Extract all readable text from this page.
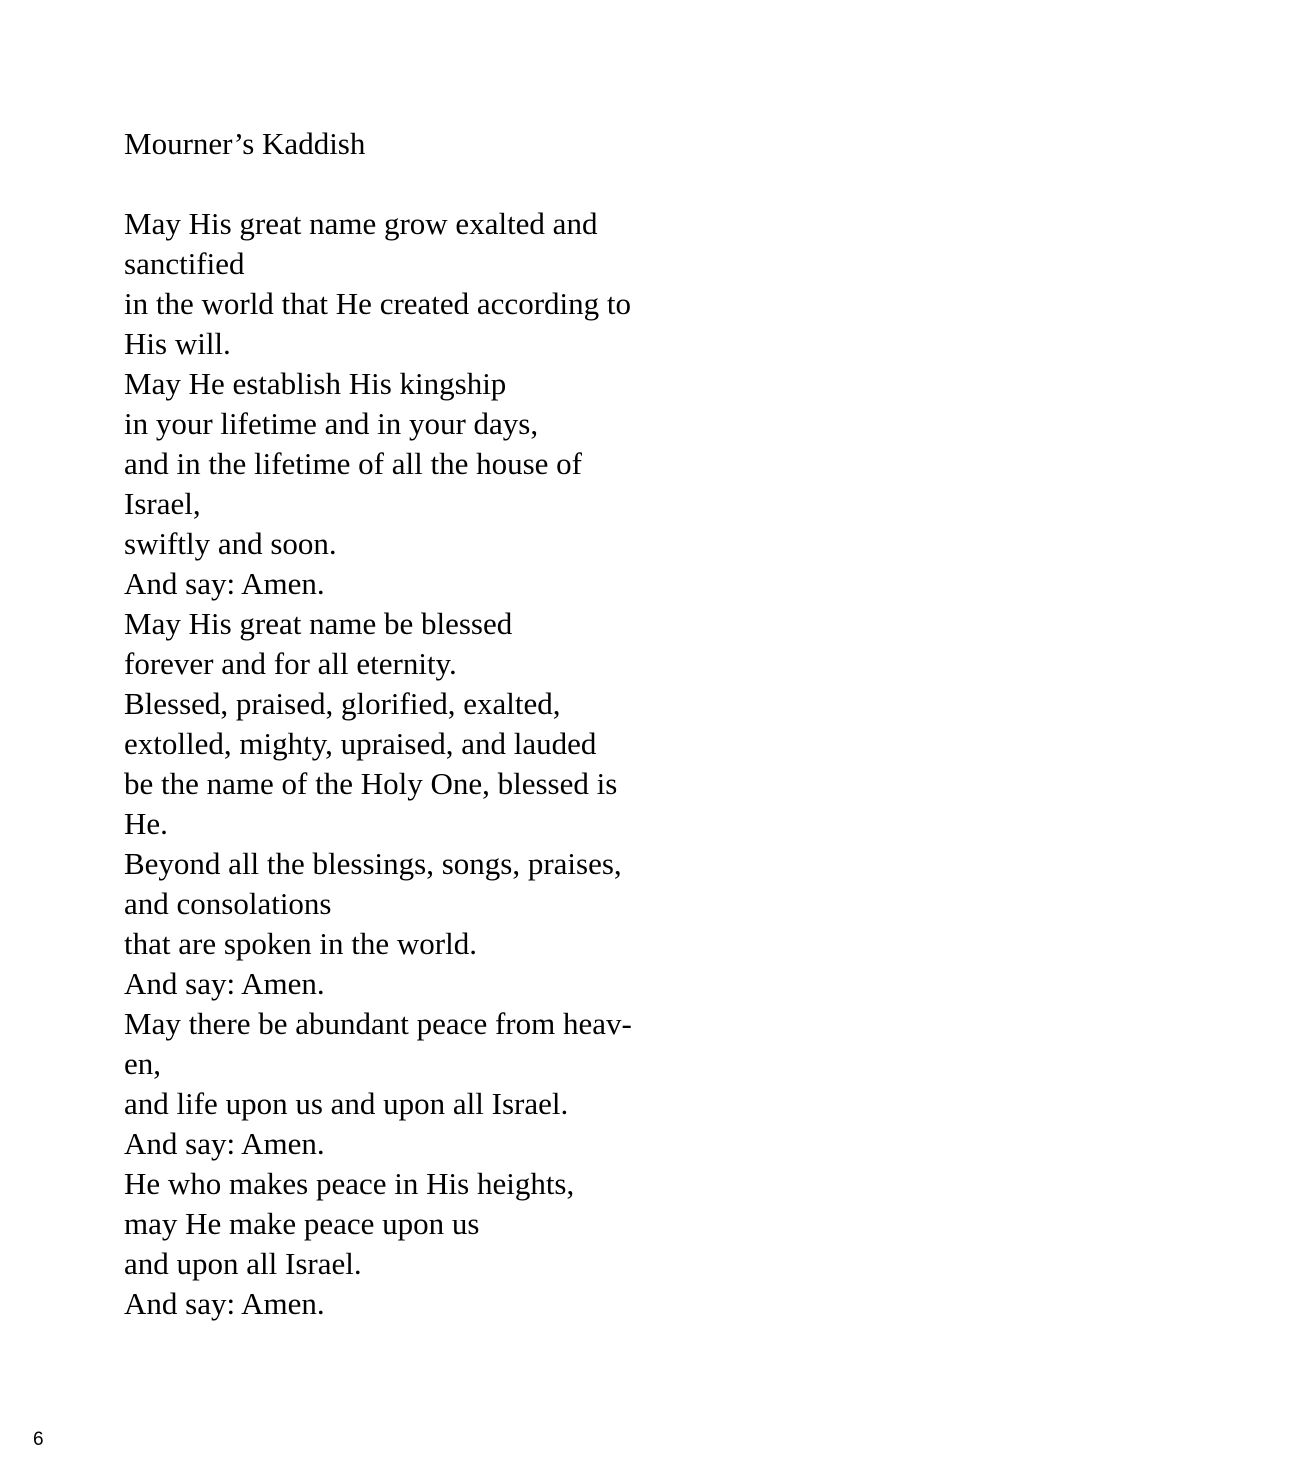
Mourner’s Kaddish
May His great name grow exalted and
sanctified
in the world that He created according to
His will.
May He establish His kingship
in your lifetime and in your days,
and in the lifetime of all the house of
Israel,
swiftly and soon.
And say: Amen.
May His great name be blessed
forever and for all eternity.
Blessed, praised, glorified, exalted,
extolled, mighty, upraised, and lauded
be the name of the Holy One, blessed is
He.
Beyond all the blessings, songs, praises,
and consolations
that are spoken in the world.
And say: Amen.
May there be abundant peace from heav-
en,
and life upon us and upon all Israel.
And say: Amen.
He who makes peace in His heights,
may He make peace upon us
and upon all Israel.
And say: Amen.
6
